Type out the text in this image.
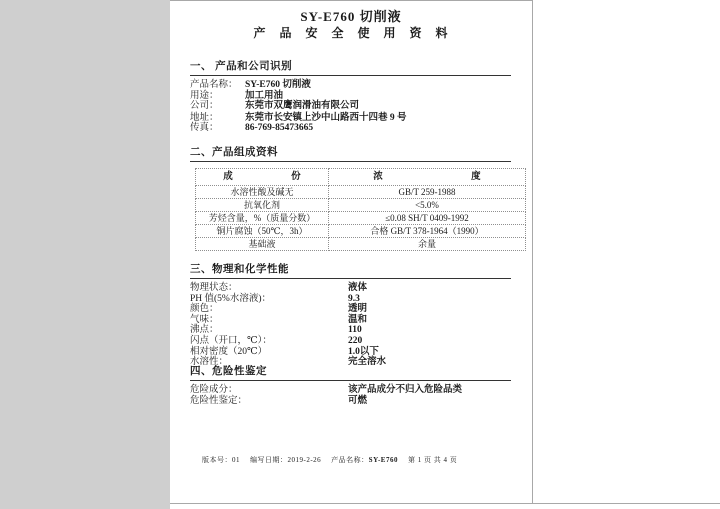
SY-E760 切削液
产 品 安 全 使 用 资 料
一、 产品和公司识别
产品名称： SY-E760 切削液
用途：	加工用油
公司：	东莞市双鹰润滑油有限公司
地址：	东莞市长安镇上沙中山路西十四巷 9 号
传真：	86-769-85473665
二、产品组成资料
成 份	浓 度
水溶性酸及碱无	GB/T 259-1988
抗氧化剂	<5.0%
芳烃含量，%（质量分数）	≤0.08 SH/T 0409-1992
铜片腐蚀（50℃，3h）	合格 GB/T 378-1964（1990）
基础液	余量
三、物理和化学性能
物理状态：	液体
PH 值(5%水溶液)：	9.3
颜色：	透明
气味：	温和
沸点：	110
闪点（开口，℃）：	220
相对密度（20℃）	1.0以下
水溶性：	完全溶水
四、危险性鉴定
危险成分：	该产品成分不归入危险品类
危险性鉴定：	可燃
版本号：01 编写日期：2019-2-26 产品名称：SY-E760 第 1 页 共 4 页
